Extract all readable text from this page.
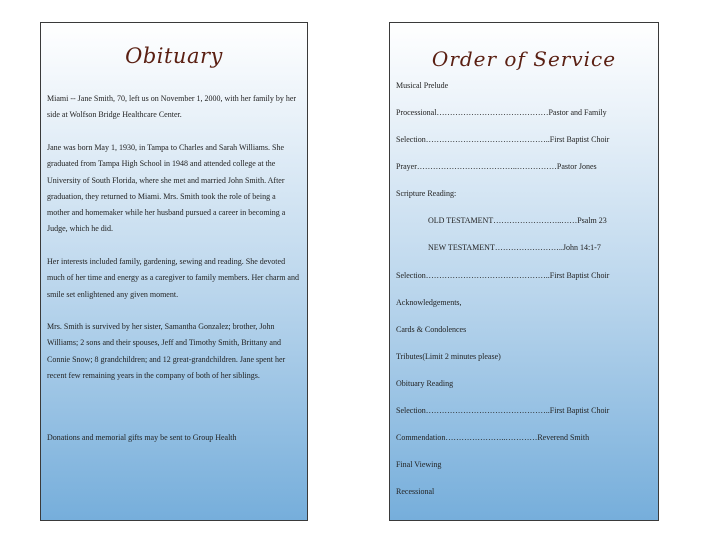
Obituary
Miami -- Jane Smith, 70, left us on November 1, 2000, with her family by her side at Wolfson Bridge Healthcare Center.
Jane was born May 1, 1930, in Tampa to Charles and Sarah Williams. She graduated from Tampa High School in 1948 and attended college at the University of South Florida, where she met and married John Smith. After graduation, they returned to Miami. Mrs. Smith took the role of being a mother and homemaker while her husband pursued a career in becoming a Judge, which he did.
Her interests included family, gardening, sewing and reading. She devoted much of her time and energy as a caregiver to family members. Her charm and smile set enlightened any given moment.
Mrs. Smith is survived by her sister, Samantha Gonzalez; brother, John Williams; 2 sons and their spouses, Jeff and Timothy Smith, Brittany and Connie Snow; 8 grandchildren; and 12 great-grandchildren. Jane spent her recent few remaining years in the company of both of her siblings.
Donations and memorial gifts may be sent to Group Health
Order of Service
Musical Prelude
Processional……………………………………Pastor and Family
Selection………………………………………..First Baptist Choir
Prayer………………………………..……………Pastor Jones
Scripture Reading:
OLD TESTAMENT……………………..……Psalm 23
NEW TESTAMENT……………………..John 14:1-7
Selection………………………………………..First Baptist Choir
Acknowledgements,
Cards & Condolences
Tributes(Limit 2 minutes please)
Obituary Reading
Selection………………………………………..First Baptist Choir
Commendation…………………..…………Reverend Smith
Final Viewing
Recessional
